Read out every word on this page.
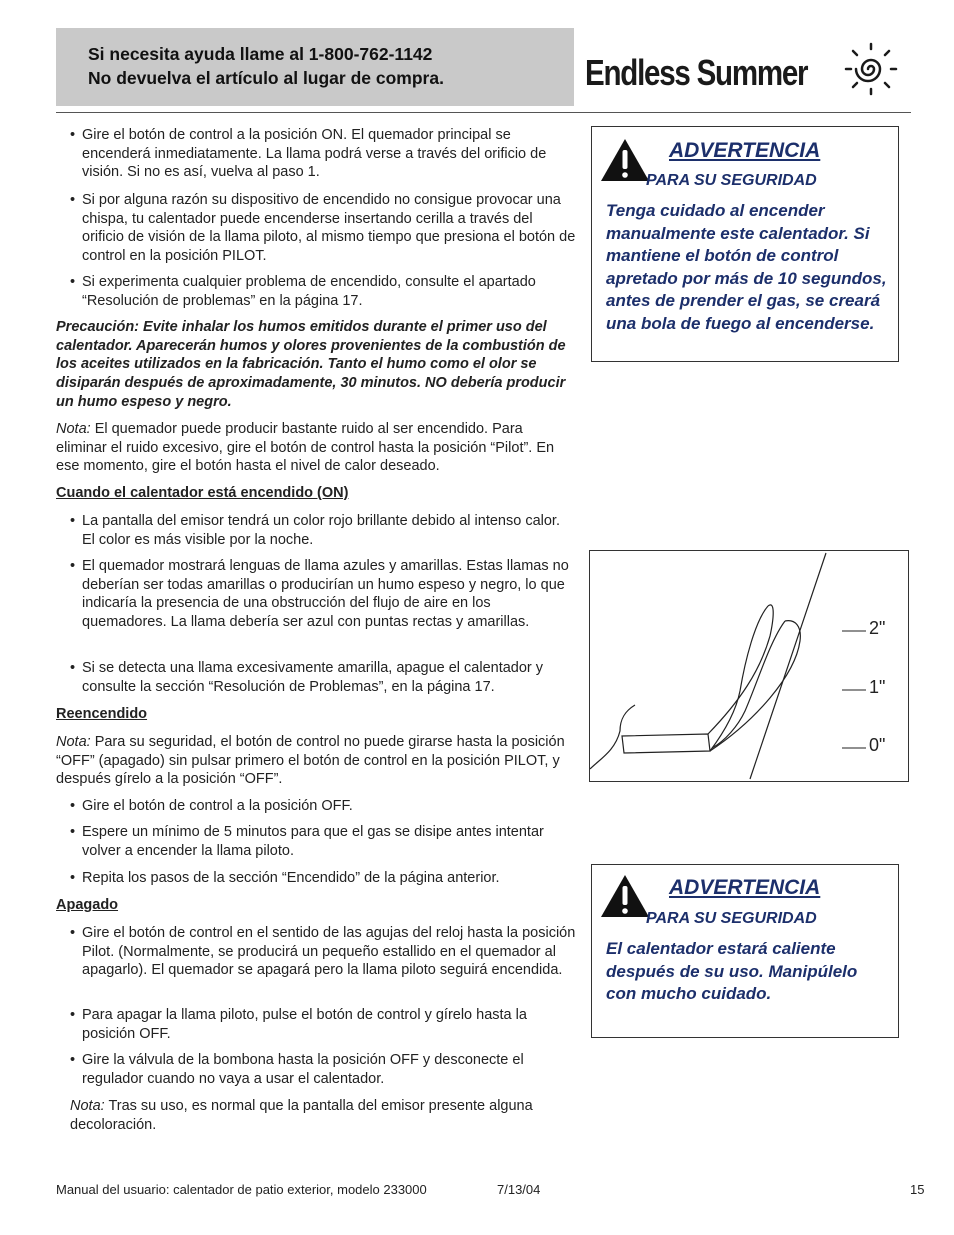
Si necesita ayuda llame al 1-800-762-1142
No devuelva el artículo al lugar de compra.	Endless Summer
• Gire el botón de control a la posición ON. El quemador principal se encenderá inmediatamente. La llama podrá verse a través del orificio de visión. Si no es así, vuelva al paso 1.
• Si por alguna razón su dispositivo de encendido no consigue provocar una chispa, tu calentador puede encenderse insertando cerilla a través del orificio de visión de la llama piloto, al mismo tiempo que presiona el botón de control en la posición PILOT.
• Si experimenta cualquier problema de encendido, consulte el apartado “Resolución de problemas” en la página 17.
Precaución: Evite inhalar los humos emitidos durante el primer uso del calentador. Aparecerán humos y olores provenientes de la combustión de los aceites utilizados en la fabricación. Tanto el humo como el olor se disiparán después de aproximadamente, 30 minutos. NO debería producir un humo espeso y negro.
Nota: El quemador puede producir bastante ruido al ser encendido. Para eliminar el ruido excesivo, gire el botón de control hasta la posición “Pilot”. En ese momento, gire el botón hasta el nivel de calor deseado.
Cuando el calentador está encendido (ON)
• La pantalla del emisor tendrá un color rojo brillante debido al intenso calor. El color es más visible por la noche.
• El quemador mostrará lenguas de llama azules y amarillas. Estas llamas no deberían ser todas amarillas o producirían un humo espeso y negro, lo que indicaría la presencia de una obstrucción del flujo de aire en los quemadores. La llama debería ser azul con puntas rectas y amarillas.
• Si se detecta una llama excesivamente amarilla, apague el calentador y consulte la sección “Resolución de Problemas”, en la página 17.
Reencendido
Nota: Para su seguridad, el botón de control no puede girarse hasta la posición “OFF” (apagado) sin pulsar primero el botón de control en la posición PILOT, y después gírelo a la posición “OFF”.
• Gire el botón de control a la posición OFF.
• Espere un mínimo de 5 minutos para que el gas se disipe antes intentar volver a encender la llama piloto.
• Repita los pasos de la sección “Encendido” de la página anterior.
Apagado
• Gire el botón de control en el sentido de las agujas del reloj hasta la posición Pilot. (Normalmente, se producirá un pequeño estallido en el quemador al apagarlo). El quemador se apagará pero la llama piloto seguirá encendida.
• Para apagar la llama piloto, pulse el botón de control y gírelo hasta la posición OFF.
• Gire la válvula de la bombona hasta la posición OFF y desconecte el regulador cuando no vaya a usar el calentador.
Nota: Tras su uso, es normal que la pantalla del emisor presente alguna decoloración.
ADVERTENCIA
PARA SU SEGURIDAD
Tenga cuidado al encender manualmente este calentador. Si mantiene el botón de control apretado por más de 10 segundos, antes de prender el gas, se creará una bola de fuego al encenderse.
2"
1"
0"
ADVERTENCIA
PARA SU SEGURIDAD
El calentador estará caliente después de su uso. Manipúlelo con mucho cuidado.
Manual del usuario: calentador de patio exterior, modelo 233000	7/13/04	15
